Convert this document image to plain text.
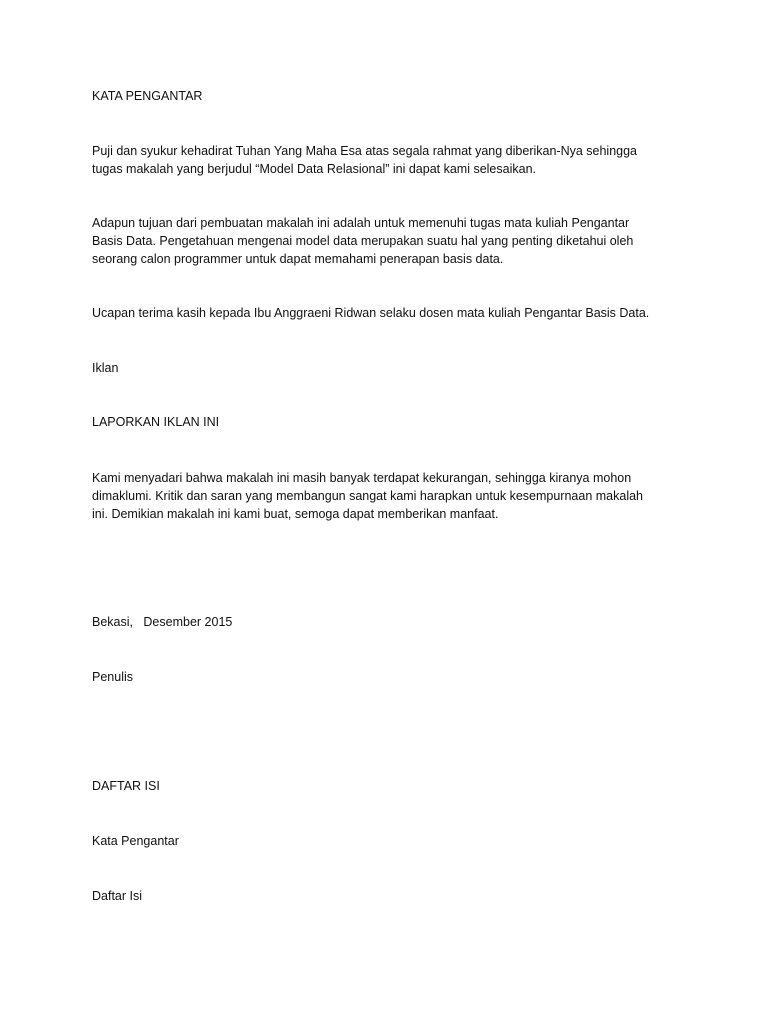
KATA PENGANTAR

Puji dan syukur kehadirat Tuhan Yang Maha Esa atas segala rahmat yang diberikan-Nya sehingga
tugas makalah yang berjudul “Model Data Relasional” ini dapat kami selesaikan.
Adapun tujuan dari pembuatan makalah ini adalah untuk memenuhi tugas mata kuliah Pengantar
Basis Data. Pengetahuan mengenai model data merupakan suatu hal yang penting diketahui oleh
seorang calon programmer untuk dapat memahami penerapan basis data.

Ucapan terima kasih kepada Ibu Anggraeni Ridwan selaku dosen mata kuliah Pengantar Basis Data.

Iklan

LAPORKAN IKLAN INI

Kami menyadari bahwa makalah ini masih banyak terdapat kekurangan, sehingga kiranya mohon
dimaklumi. Kritik dan saran yang membangun sangat kami harapkan untuk kesempurnaan makalah
ini. Demikian makalah ini kami buat, semoga dapat memberikan manfaat.

Bekasi,   Desember 2015

Penulis

DAFTAR ISI

Kata Pengantar

Daftar Isi
